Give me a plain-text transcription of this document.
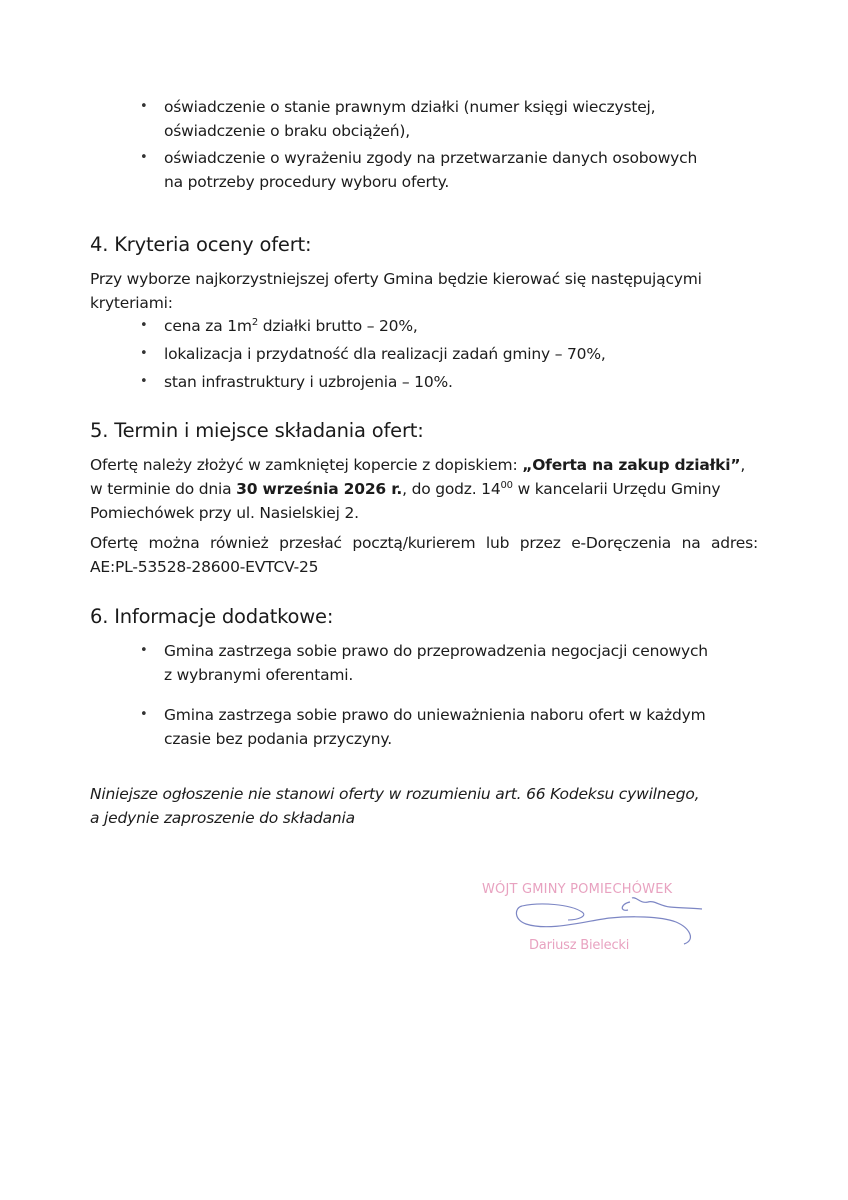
• oświadczenie o stanie prawnym działki (numer księgi wieczystej,
oświadczenie o braku obciążeń),
• oświadczenie o wyrażeniu zgody na przetwarzanie danych osobowych
na potrzeby procedury wyboru oferty.
4. Kryteria oceny ofert:

Przy wyborze najkorzystniejszej oferty Gmina będzie kierować się następującymi kryteriami:

• cena za $1m^2$ działki brutto – 20%,
• lokalizacja i przydatność dla realizacji zadań gminy – 70%,
• stan infrastruktury i uzbrojenia – 10%.
5. Termin i miejsce składania ofert:
Ofertę należy złożyć w zamkniętej kopercie z dopiskiem: „Oferta na zakup działki”,
w terminie do dnia 30 września 2026 r., do godz. $14^{00}$ w kancelarii Urzędu Gminy
Pomiechówek przy ul. Nasielskiej 2.

Ofertę można również przesłać pocztą/kurierem lub przez e-Doręczenia na adres: AE:PL-53528-28600-EVTCV-25

6. Informacje dodatkowe:
• Gmina zastrzega sobie prawo do przeprowadzenia negocjacji cenowych
z wybranymi oferentami.
• Gmina zastrzega sobie prawo do unieważnienia naboru ofert w każdym
czasie bez podania przyczyny.
Niniejsze ogłoszenie nie stanowi oferty w rozumieniu art. 66 Kodeksu cywilnego,
a jedynie zaproszenie do składania
WÓJT GMINY POMIECHÓWEK
Dariusz Bielecki
